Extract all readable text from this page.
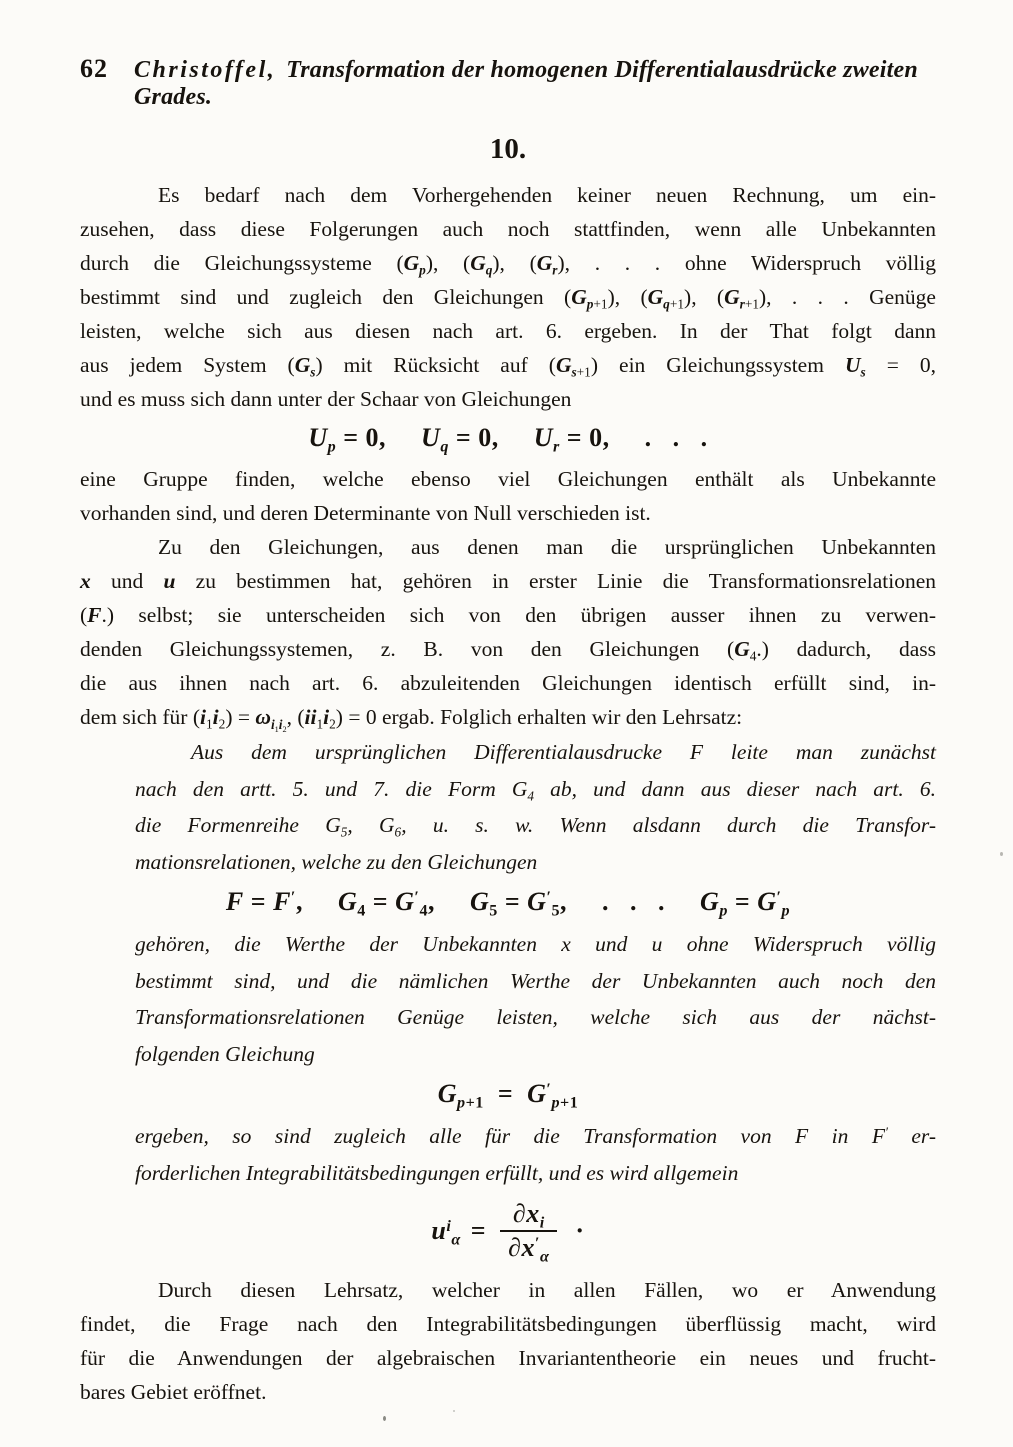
62 Christoffel, Transformation der homogenen Differentialausdrücke zweiten Grades.
10.
Es bedarf nach dem Vorhergehenden keiner neuen Rechnung, um ein-
zusehen, dass diese Folgerungen auch noch stattfinden, wenn alle Unbekannten
durch die Gleichungssysteme $(G_p)$, $(G_q)$, $(G_r)$, . . . ohne Widerspruch völlig
bestimmt sind und zugleich den Gleichungen $(G_{p+1})$, $(G_{q+1})$, $(G_{r+1})$, . . . Genüge
leisten, welche sich aus diesen nach art. 6. ergeben. In der That folgt dann
aus jedem System $(G_s)$ mit Rücksicht auf $(G_{s+1})$ ein Gleichungssystem $U_s = 0$,
und es muss sich dann unter der Schaar von Gleichungen
$U_p = 0$,     $U_q = 0$,     $U_r = 0$,     .   .   .
eine Gruppe finden, welche ebenso viel Gleichungen enthält als Unbekannte
vorhanden sind, und deren Determinante von Null verschieden ist.
Zu den Gleichungen, aus denen man die ursprünglichen Unbekannten
x und u zu bestimmen hat, gehören in erster Linie die Transformationsrelationen
(F.) selbst; sie unterscheiden sich von den übrigen ausser ihnen zu verwen-
denden Gleichungssystemen, z. B. von den Gleichungen $(G_4.)$ dadurch, dass
die aus ihnen nach art. 6. abzuleitenden Gleichungen identisch erfüllt sind, in-
dem sich für $(i_1i_2) = \omega_{i_1i_2}$, $(ii_1i_2) = 0$ ergab. Folglich erhalten wir den Lehrsatz:
Aus dem ursprünglichen Differentialausdrucke F leite man zunächst
nach den artt. 5. und 7. die Form $G_4$ ab, und dann aus dieser nach art. 6.
die Formenreihe $G_5$, $G_6$, u. s. w. Wenn alsdann durch die Transfor-
mationsrelationen, welche zu den Gleichungen
F = F′,     $G_4 = G'_4$,     $G_5 = G'_5$,     .   .   .     $G_p = G'_p$
gehören, die Werthe der Unbekannten x und u ohne Widerspruch völlig
bestimmt sind, und die nämlichen Werthe der Unbekannten auch noch den
Transformationsrelationen Genüge leisten, welche sich aus der nächst-
folgenden Gleichung
$G_{p+1} = G'_{p+1}$
ergeben, so sind zugleich alle für die Transformation von F in F′ er-
forderlichen Integrabilitätsbedingungen erfüllt, und es wird allgemein
$u^i_\alpha = \frac{\partial x_i}{\partial x'_\alpha}$ ·
Durch diesen Lehrsatz, welcher in allen Fällen, wo er Anwendung
findet, die Frage nach den Integrabilitätsbedingungen überflüssig macht, wird
für die Anwendungen der algebraischen Invariantentheorie ein neues und frucht-
bares Gebiet eröffnet.
